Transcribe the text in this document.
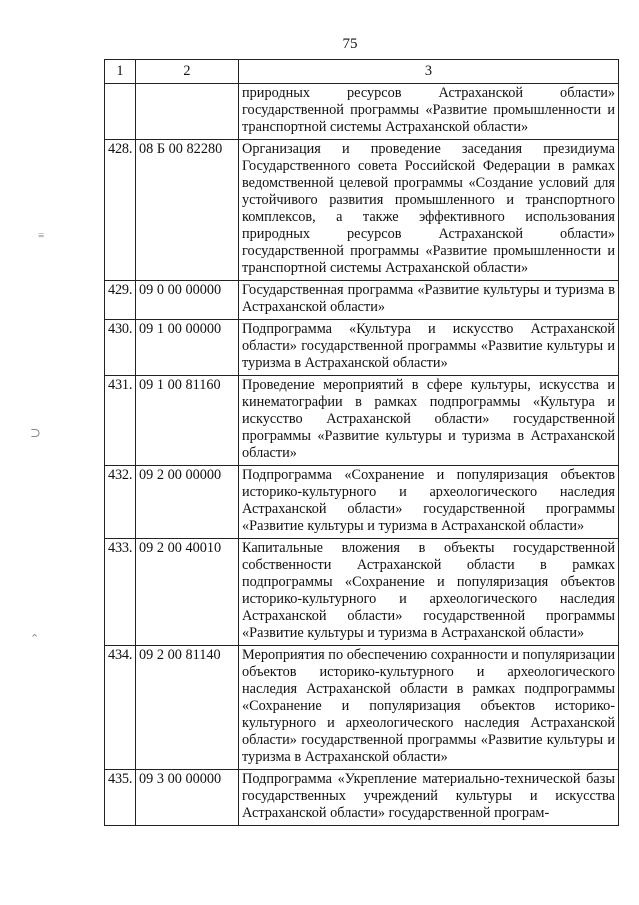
75
≡
⊃
⌃
1	2	3
		природных ресурсов Астраханской области» государственной программы «Развитие промышленности и транспортной системы Астраханской области»
428.	08 Б 00 82280	Организация и проведение заседания президиума Государственного совета Российской Федерации в рамках ведомственной целевой программы «Создание условий для устойчивого развития промышленного и транспортного комплексов, а также эффективного использования природных ресурсов Астраханской области» государственной программы «Развитие промышленности и транспортной системы Астраханской области»
429.	09 0 00 00000	Государственная программа «Развитие культуры и туризма в Астраханской области»
430.	09 1 00 00000	Подпрограмма «Культура и искусство Астраханской области» государственной программы «Развитие культуры и туризма в Астраханской области»
431.	09 1 00 81160	Проведение мероприятий в сфере культуры, искусства и кинематографии в рамках подпрограммы «Культура и искусство Астраханской области» государственной программы «Развитие культуры и туризма в Астраханской области»
432.	09 2 00 00000	Подпрограмма «Сохранение и популяризация объектов историко-культурного и археологического наследия Астраханской области» государственной программы «Развитие культуры и туризма в Астраханской области»
433.	09 2 00 40010	Капитальные вложения в объекты государственной собственности Астраханской области в рамках подпрограммы «Сохранение и популяризация объектов историко-культурного и археологического наследия Астраханской области» государственной программы «Развитие культуры и туризма в Астраханской области»
434.	09 2 00 81140	Мероприятия по обеспечению сохранности и популяризации объектов историко-культурного и археологического наследия Астраханской области в рамках подпрограммы «Сохранение и популяризация объектов историко-культурного и археологического наследия Астраханской области» государственной программы «Развитие культуры и туризма в Астраханской области»
435.	09 3 00 00000	Подпрограмма «Укрепление материально-технической базы государственных учреждений культуры и искусства Астраханской области» государственной програм-
